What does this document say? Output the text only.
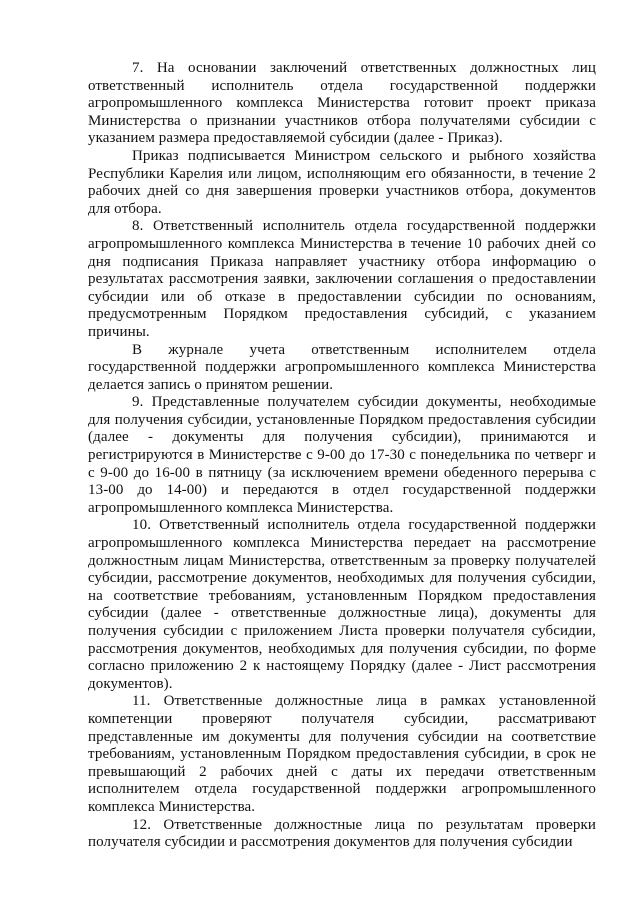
7. На основании заключений ответственных должностных лиц ответственный исполнитель отдела государственной поддержки агропромышленного комплекса Министерства готовит проект приказа Министерства о признании участников отбора получателями субсидии с указанием размера предоставляемой субсидии (далее - Приказ).

Приказ подписывается Министром сельского и рыбного хозяйства Республики Карелия или лицом, исполняющим его обязанности, в течение 2 рабочих дней со дня завершения проверки участников отбора, документов для отбора.

8. Ответственный исполнитель отдела государственной поддержки агропромышленного комплекса Министерства в течение 10 рабочих дней со дня подписания Приказа направляет участнику отбора информацию о результатах рассмотрения заявки, заключении соглашения о предоставлении субсидии или об отказе в предоставлении субсидии по основаниям, предусмотренным Порядком предоставления субсидий, с указанием причины.

В журнале учета ответственным исполнителем отдела государственной поддержки агропромышленного комплекса Министерства делается запись о принятом решении.

9. Представленные получателем субсидии документы, необходимые для получения субсидии, установленные Порядком предоставления субсидии (далее - документы для получения субсидии), принимаются и регистрируются в Министерстве с 9-00 до 17-30 с понедельника по четверг и с 9-00 до 16-00 в пятницу (за исключением времени обеденного перерыва с 13-00 до 14-00) и передаются в отдел государственной поддержки агропромышленного комплекса Министерства.

10. Ответственный исполнитель отдела государственной поддержки агропромышленного комплекса Министерства передает на рассмотрение должностным лицам Министерства, ответственным за проверку получателей субсидии, рассмотрение документов, необходимых для получения субсидии, на соответствие требованиям, установленным Порядком предоставления субсидии (далее - ответственные должностные лица), документы для получения субсидии с приложением Листа проверки получателя субсидии, рассмотрения документов, необходимых для получения субсидии, по форме согласно приложению 2 к настоящему Порядку (далее - Лист рассмотрения документов).

11. Ответственные должностные лица в рамках установленной компетенции проверяют получателя субсидии, рассматривают представленные им документы для получения субсидии на соответствие требованиям, установленным Порядком предоставления субсидии, в срок не превышающий 2 рабочих дней с даты их передачи ответственным исполнителем отдела государственной поддержки агропромышленного комплекса Министерства.

12. Ответственные должностные лица по результатам проверки получателя субсидии и рассмотрения документов для получения субсидии
